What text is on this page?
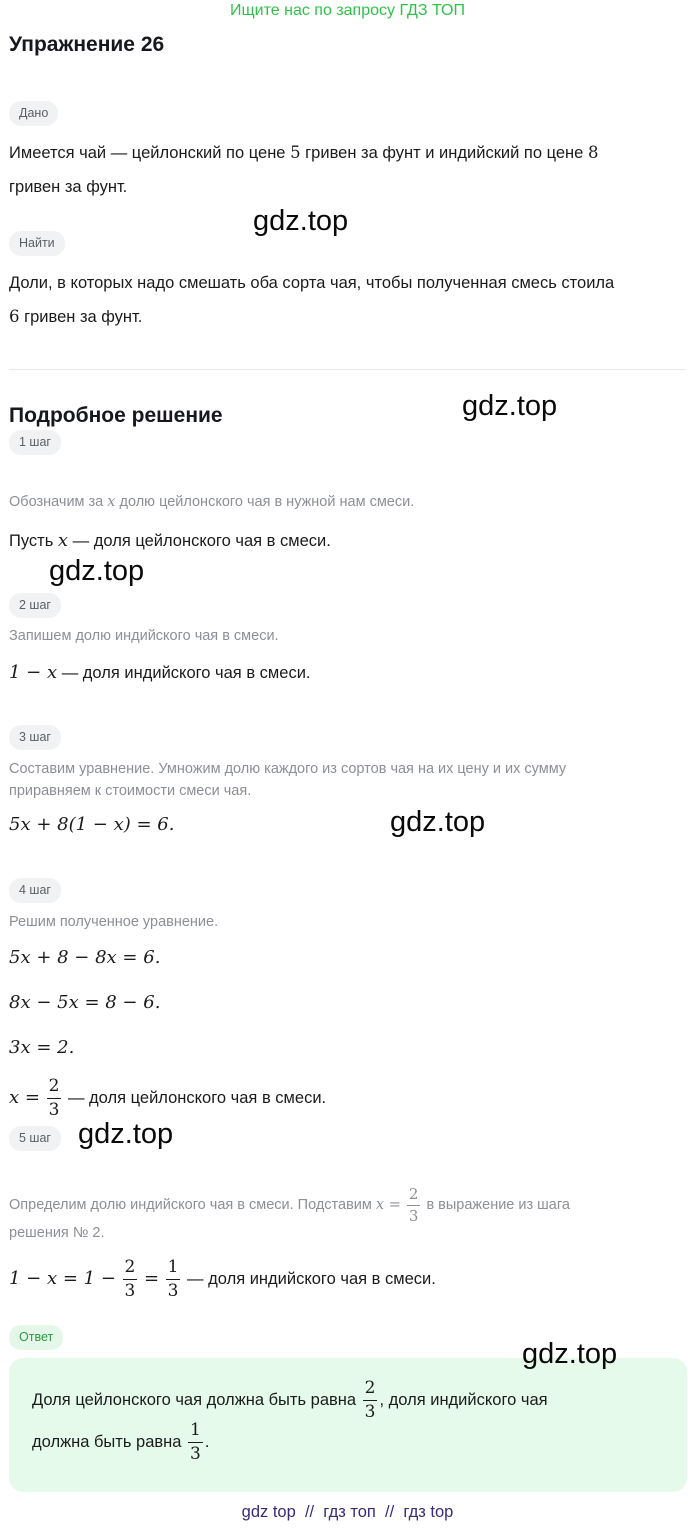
Ищите нас по запросу ГДЗ ТОП
Упражнение 26
Дано
Имеется чай — цейлонский по цене 5 гривен за фунт и индийский по цене 8
гривен за фунт.
gdz.top
Найти
Доли, в которых надо смешать оба сорта чая, чтобы полученная смесь стоила
6 гривен за фунт.
Подробное решение	gdz.top
1 шаг
Обозначим за x долю цейлонского чая в нужной нам смеси.
Пусть x — доля цейлонского чая в смеси.
gdz.top
2 шаг
Запишем долю индийского чая в смеси.
1 − x — доля индийского чая в смеси.
3 шаг
Составим уравнение. Умножим долю каждого из сортов чая на их цену и их сумму
приравняем к стоимости смеси чая.
5x + 8(1 − x) = 6.	gdz.top
4 шаг
Решим полученное уравнение.
5x + 8 − 8x = 6.
8x − 5x = 8 − 6.
3x = 2.
$x = \frac{2}{3}$ — доля цейлонского чая в смеси.
5 шаг gdz.top
Определим долю индийского чая в смеси. Подставим $x = \frac{2}{3}$ в выражение из шага
решения № 2.
$1 - x = 1 - \frac{2}{3} = \frac{1}{3}$ — доля индийского чая в смеси.
Ответ
gdz.top
Доля цейлонского чая должна быть равна $\frac{2}{3}$ , доля индийского чая
должна быть равна $\frac{1}{3}$ .
gdz top  //  гдз топ  //  гдз top
